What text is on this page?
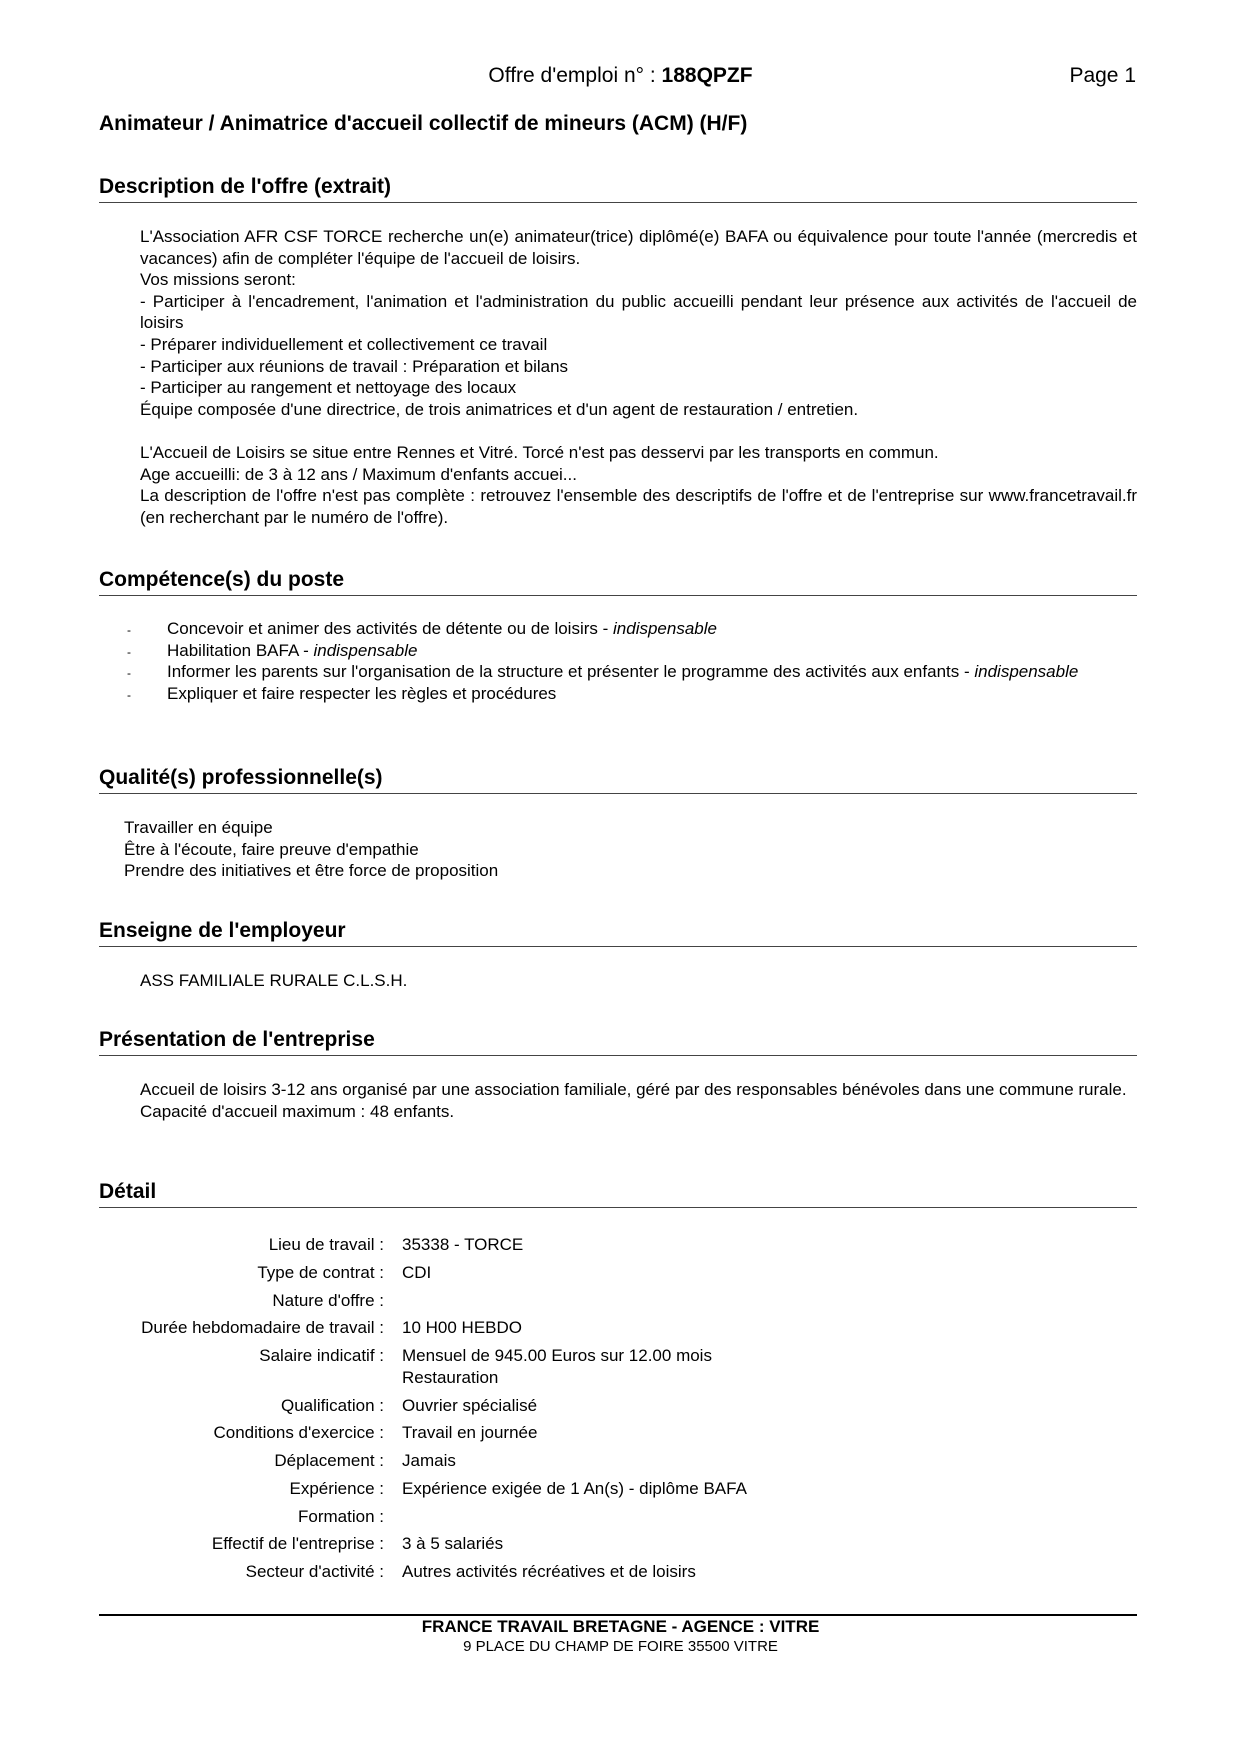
Offre d'emploi n° : 188QPZF	Page 1
Animateur / Animatrice d'accueil collectif de mineurs (ACM) (H/F)
Description de l'offre (extrait)

L'Association AFR CSF TORCE recherche un(e) animateur(trice) diplômé(e) BAFA ou équivalence pour toute l'année (mercredis et vacances) afin de compléter l'équipe de l'accueil de loisirs.

Vos missions seront:

- Participer à l'encadrement, l'animation et l'administration du public accueilli pendant leur présence aux activités de l'accueil de loisirs

- Préparer individuellement et collectivement ce travail

- Participer aux réunions de travail : Préparation et bilans

- Participer au rangement et nettoyage des locaux

Équipe composée d'une directrice, de trois animatrices et d'un agent de restauration / entretien.

L'Accueil de Loisirs se situe entre Rennes et Vitré. Torcé n'est pas desservi par les transports en commun.

Age accueilli: de 3 à 12 ans / Maximum d'enfants accuei...

La description de l'offre n'est pas complète : retrouvez l'ensemble des descriptifs de l'offre et de l'entreprise sur www.francetravail.fr (en recherchant par le numéro de l'offre).

Compétence(s) du poste
- Concevoir et animer des activités de détente ou de loisirs - indispensable
- Habilitation BAFA - indispensable
- Informer les parents sur l'organisation de la structure et présenter le programme des activités aux enfants - indispensable
- Expliquer et faire respecter les règles et procédures
Qualité(s) professionnelle(s)

Travailler en équipe

Être à l'écoute, faire preuve d'empathie

Prendre des initiatives et être force de proposition

Enseigne de l'employeur
ASS FAMILIALE RURALE C.L.S.H.
Présentation de l'entreprise

Accueil de loisirs 3-12 ans organisé par une association familiale, géré par des responsables bénévoles dans une commune rurale.

Capacité d'accueil maximum : 48 enfants.

Détail
Lieu de travail :	35338 - TORCE
Type de contrat :	CDI
Nature d'offre :	
Durée hebdomadaire de travail :	10 H00 HEBDO
Salaire indicatif :	Mensuel de 945.00 Euros sur 12.00 mois
Restauration

Qualification :	Ouvrier spécialisé
Conditions d'exercice :	Travail en journée
Déplacement :	Jamais
Expérience :	Expérience exigée de 1 An(s) - diplôme BAFA
Formation :	
Effectif de l'entreprise :	3 à 5 salariés
Secteur d'activité :	Autres activités récréatives et de loisirs
FRANCE TRAVAIL BRETAGNE - AGENCE : VITRE
9 PLACE DU CHAMP DE FOIRE 35500 VITRE
